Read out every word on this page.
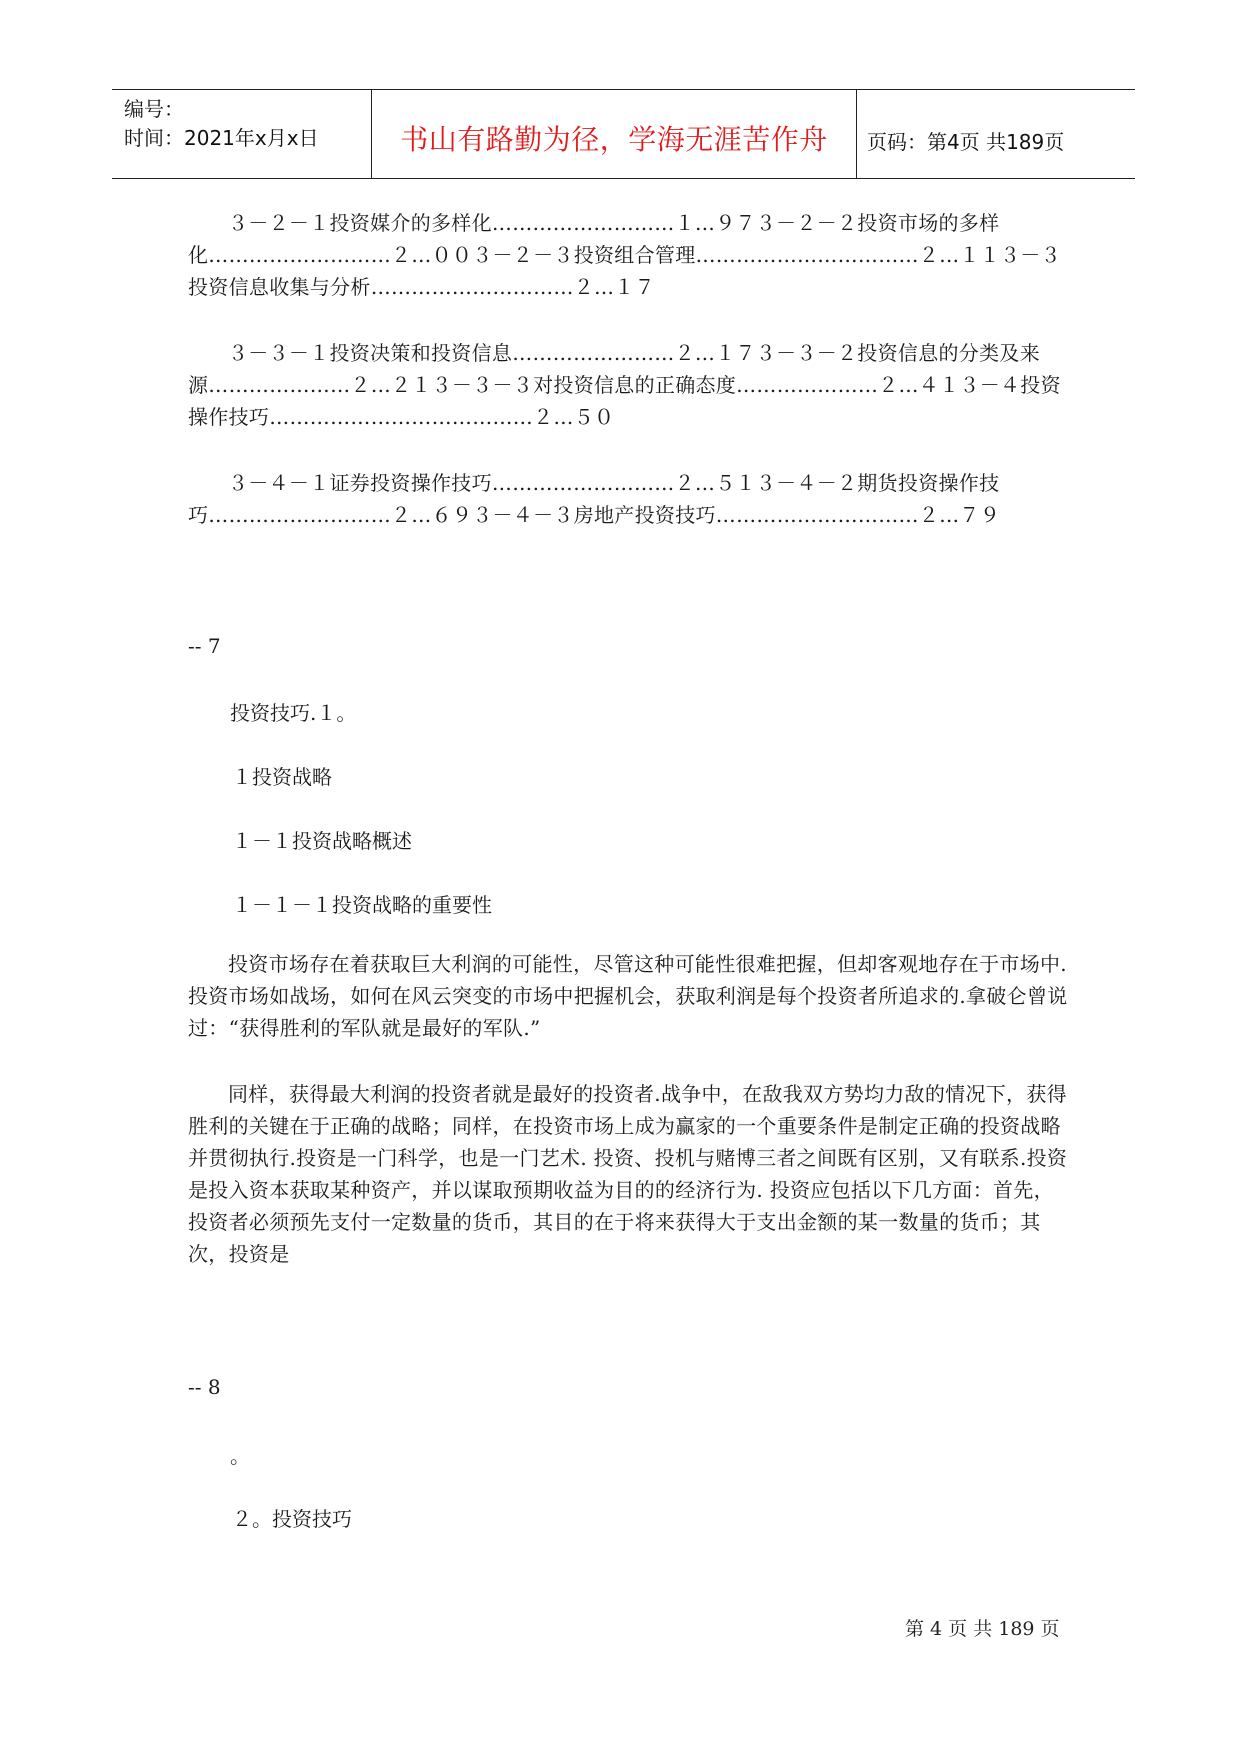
编号：
时间：2021年x月x日	书山有路勤为径，学海无涯苦作舟	页码：第4页 共189页
３－２－１投资媒介的多样化………………………１…９７３－２－２投资市场的多样化………………………２…００３－２－３投资组合管理……………………………２…１１３－３投资信息收集与分析…………………………２…１７
３－３－１投资决策和投资信息……………………２…１７３－３－２投资信息的分类及来源…………………２…２１３－３－３对投资信息的正确态度…………………２…４１３－４投资操作技巧…………………………………２…５０
３－４－１证券投资操作技巧………………………２…５１３－４－２期货投资操作技巧………………………２…６９３－４－３房地产投资技巧…………………………２…７９
-- 7
投资技巧.１。
１投资战略
１－１投资战略概述
１－１－１投资战略的重要性
投资市场存在着获取巨大利润的可能性，尽管这种可能性很难把握，但却客观地存在于市场中.投资市场如战场，如何在风云突变的市场中把握机会，获取利润是每个投资者所追求的.拿破仑曾说过：“获得胜利的军队就是最好的军队.”
同样，获得最大利润的投资者就是最好的投资者.战争中，在敌我双方势均力敌的情况下，获得胜利的关键在于正确的战略；同样，在投资市场上成为赢家的一个重要条件是制定正确的投资战略并贯彻执行.投资是一门科学，也是一门艺术. 投资、投机与赌博三者之间既有区别，又有联系.投资是投入资本获取某种资产，并以谋取预期收益为目的的经济行为. 投资应包括以下几方面：首先，投资者必须预先支付一定数量的货币，其目的在于将来获得大于支出金额的某一数量的货币；其次，投资是
-- 8
。
２。投资技巧
第 4 页 共 189 页
